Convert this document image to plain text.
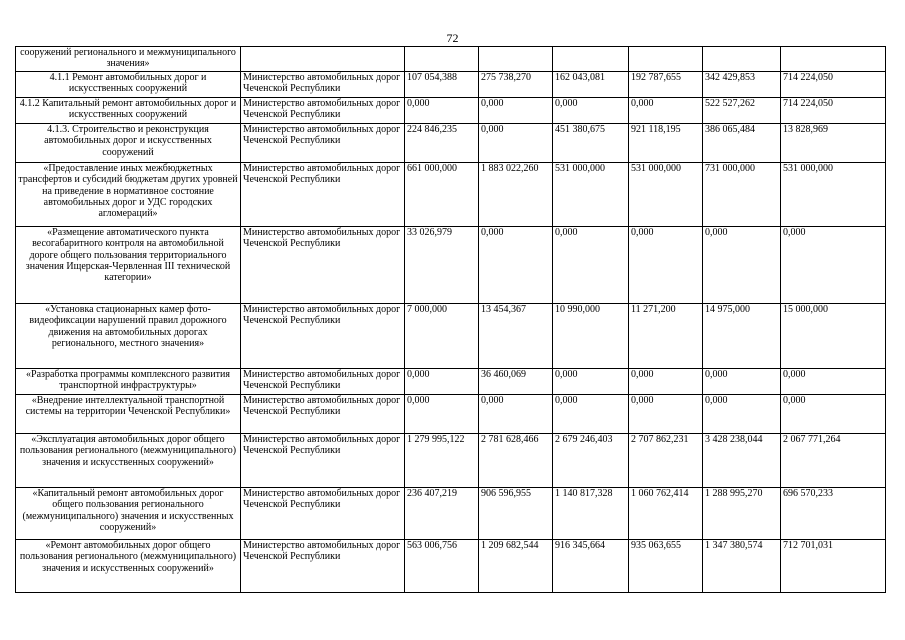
72
сооружений регионального и межмуниципального значения»							
4.1.1 Ремонт автомобильных дорог и искусственных сооружений	Министерство автомобильных дорог Чеченской Республики	107 054,388	275 738,270	162 043,081	192 787,655	342 429,853	714 224,050
4.1.2 Капитальный ремонт автомобильных дорог и искусственных сооружений	Министерство автомобильных дорог Чеченской Республики	0,000	0,000	0,000	0,000	522 527,262	714 224,050
4.1.3. Строительство и реконструкция автомобильных дорог и искусственных сооружений	Министерство автомобильных дорог Чеченской Республики	224 846,235	0,000	451 380,675	921 118,195	386 065,484	13 828,969
«Предоставление иных межбюджетных трансфертов и субсидий бюджетам других уровней на приведение в нормативное состояние автомобильных дорог и УДС городских агломераций»	Министерство автомобильных дорог Чеченской Республики	661 000,000	1 883 022,260	531 000,000	531 000,000	731 000,000	531 000,000
«Размещение автоматического пункта весогабаритного контроля на автомобильной дороге общего пользования территориального значения Ищерская-Червленная III технической категории»	Министерство автомобильных дорог Чеченской Республики	33 026,979	0,000	0,000	0,000	0,000	0,000
«Установка стационарных камер фото-видеофиксации нарушений правил дорожного движения на автомобильных дорогах регионального, местного значения»	Министерство автомобильных дорог Чеченской Республики	7 000,000	13 454,367	10 990,000	11 271,200	14 975,000	15 000,000
«Разработка программы комплексного развития транспортной инфраструктуры»	Министерство автомобильных дорог Чеченской Республики	0,000	36 460,069	0,000	0,000	0,000	0,000
«Внедрение интеллектуальной транспортной системы на территории Чеченской Республики»	Министерство автомобильных дорог Чеченской Республики	0,000	0,000	0,000	0,000	0,000	0,000
«Эксплуатация автомобильных дорог общего пользования регионального (межмуниципального) значения и искусственных сооружений»	Министерство автомобильных дорог Чеченской Республики	1 279 995,122	2 781 628,466	2 679 246,403	2 707 862,231	3 428 238,044	2 067 771,264
«Капитальный ремонт автомобильных дорог общего пользования регионального (межмуниципального) значения и искусственных сооружений»	Министерство автомобильных дорог Чеченской Республики	236 407,219	906 596,955	1 140 817,328	1 060 762,414	1 288 995,270	696 570,233
«Ремонт автомобильных дорог общего пользования регионального (межмуниципального) значения и искусственных сооружений»	Министерство автомобильных дорог Чеченской Республики	563 006,756	1 209 682,544	916 345,664	935 063,655	1 347 380,574	712 701,031
